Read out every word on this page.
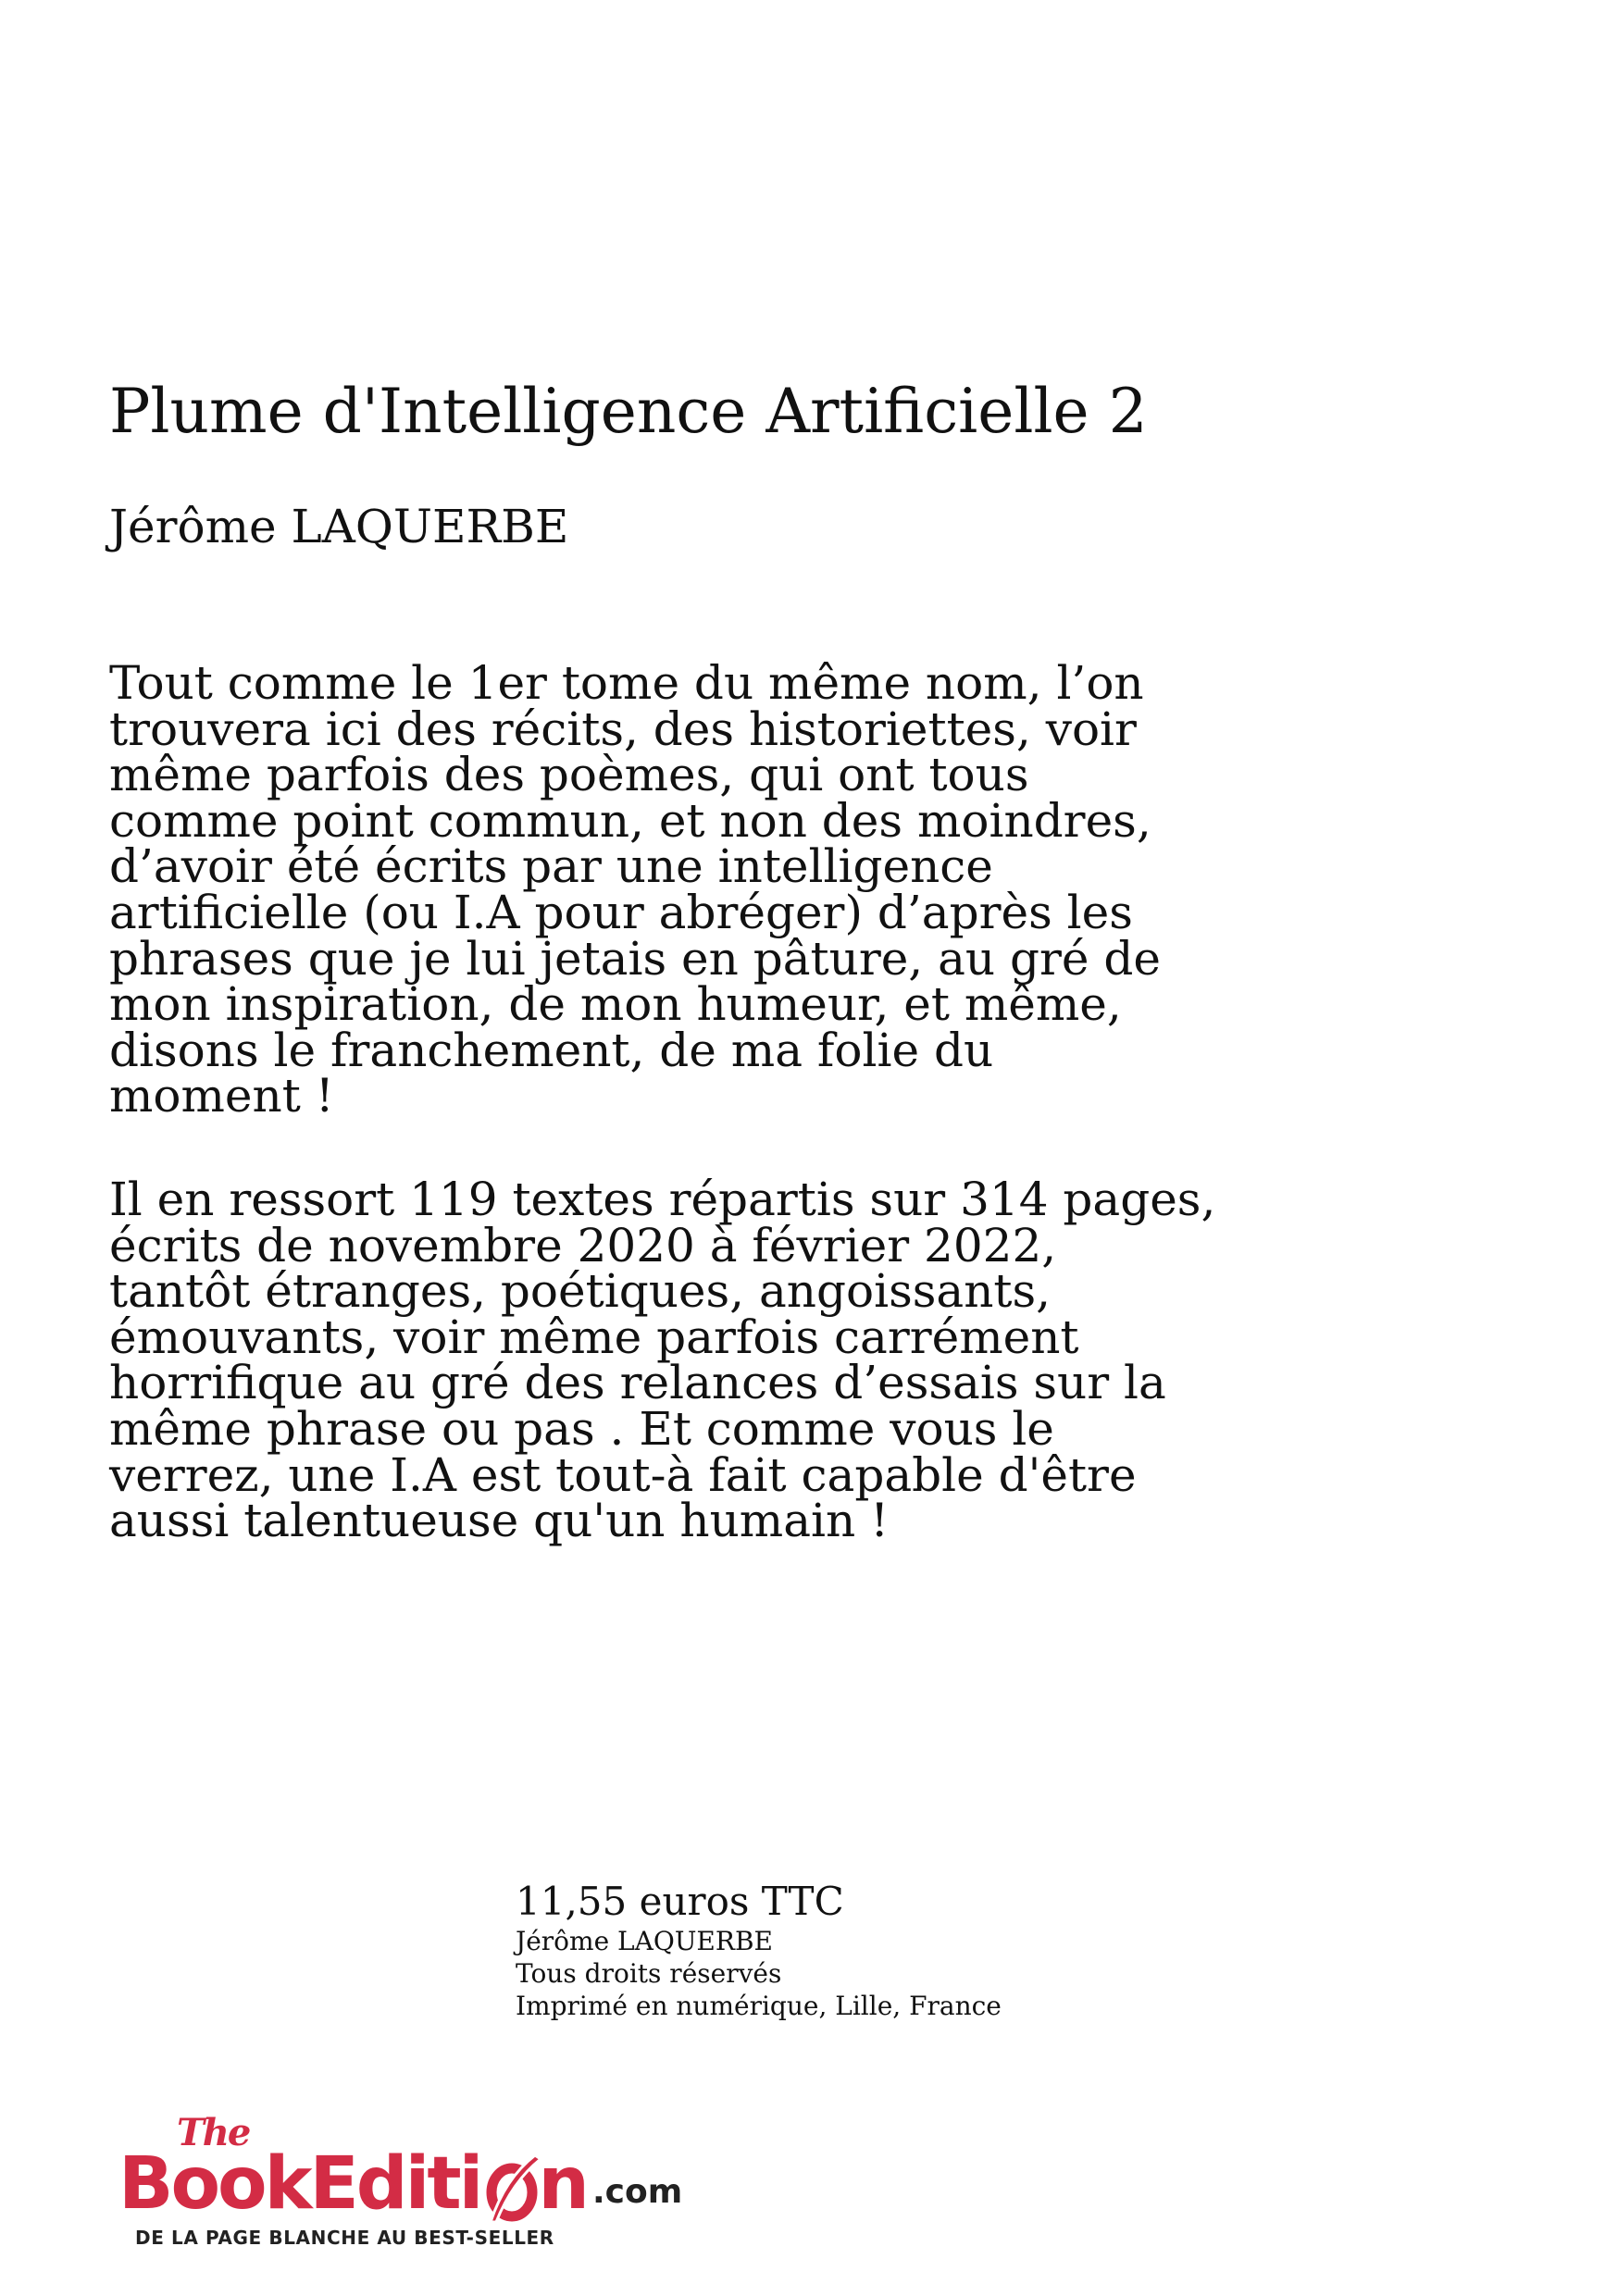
Plume d'Intelligence Artificielle 2
Jérôme LAQUERBE

Tout comme le 1er tome du même nom, l’on
trouvera ici des récits, des historiettes, voir
même parfois des poèmes, qui ont tous
comme point commun, et non des moindres,
d’avoir été écrits par une intelligence
artificielle (ou I.A pour abréger) d’après les
phrases que je lui jetais en pâture, au gré de
mon inspiration, de mon humeur, et même,
disons le franchement, de ma folie du
moment !

Il en ressort 119 textes répartis sur 314 pages,
écrits de novembre 2020 à février 2022,
tantôt étranges, poétiques, angoissants,
émouvants, voir même parfois carrément
horrifique au gré des relances d’essais sur la
même phrase ou pas . Et comme vous le
verrez, une I.A est tout-à fait capable d'être
aussi talentueuse qu'un humain !

11,55 euros TTC
Jérôme LAQUERBE
Tous droits réservés
Imprimé en numérique, Lille, France
The
BookEditi n .com
DE LA PAGE BLANCHE AU BEST-SELLER
